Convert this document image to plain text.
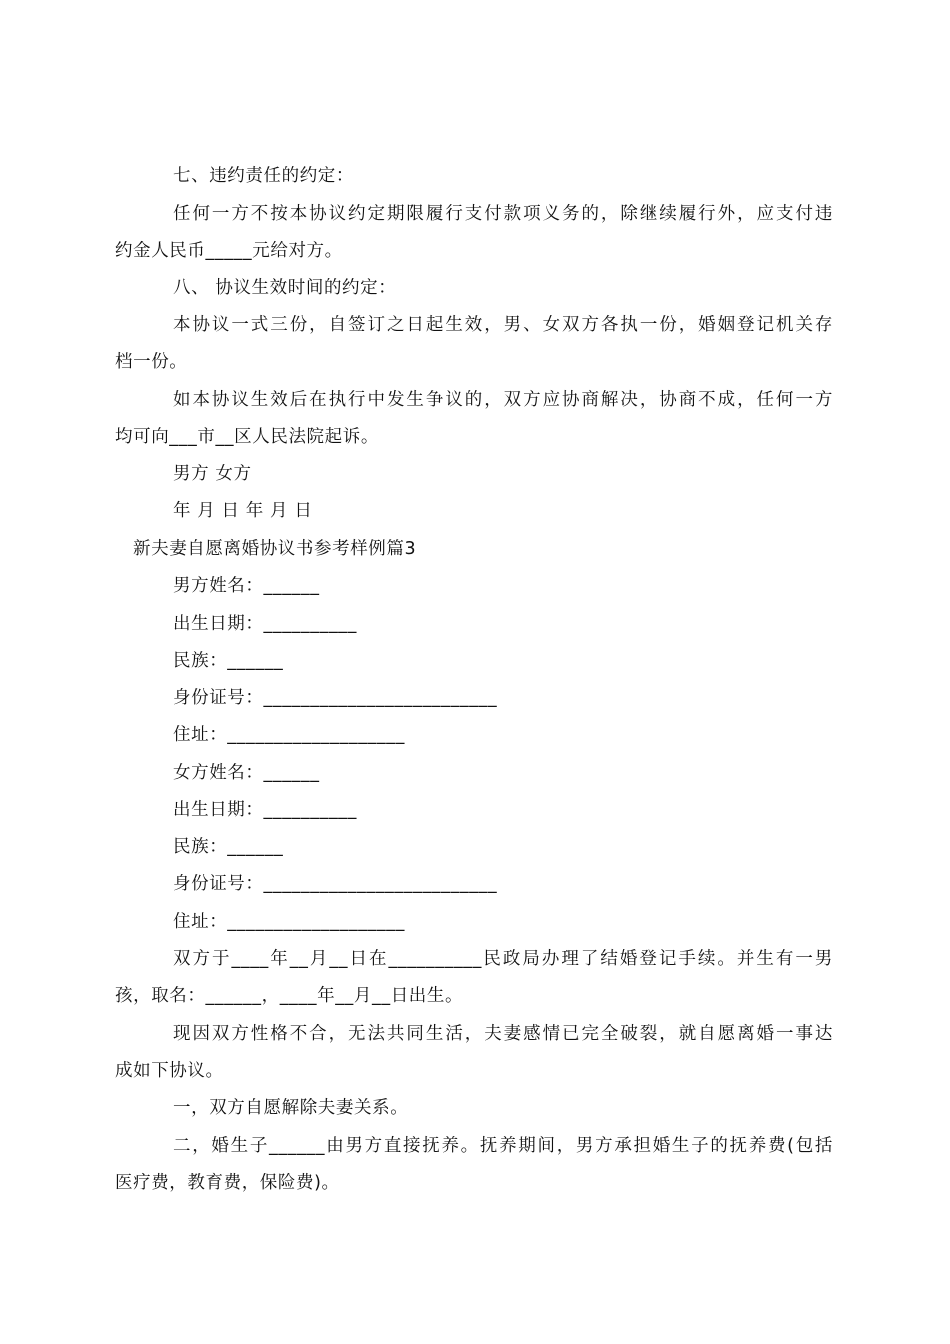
七、违约责任的约定：
任何一方不按本协议约定期限履行支付款项义务的，除继续履行外，应支付违
约金人民币_____元给对方。
八、 协议生效时间的约定：
本协议一式三份，自签订之日起生效，男、女双方各执一份，婚姻登记机关存
档一份。
如本协议生效后在执行中发生争议的，双方应协商解决，协商不成，任何一方
均可向___市__区人民法院起诉。
男方 女方
年 月 日 年 月 日
新夫妻自愿离婚协议书参考样例篇3
男方姓名：______
出生日期：__________
民族：______
身份证号：_________________________
住址：___________________
女方姓名：______
出生日期：__________
民族：______
身份证号：_________________________
住址：___________________
双方于____年__月__日在__________民政局办理了结婚登记手续。并生有一男
孩，取名：______，____年__月__日出生。
现因双方性格不合，无法共同生活，夫妻感情已完全破裂，就自愿离婚一事达
成如下协议。
一，双方自愿解除夫妻关系。
二，婚生子______由男方直接抚养。抚养期间，男方承担婚生子的抚养费(包括
医疗费，教育费，保险费)。
